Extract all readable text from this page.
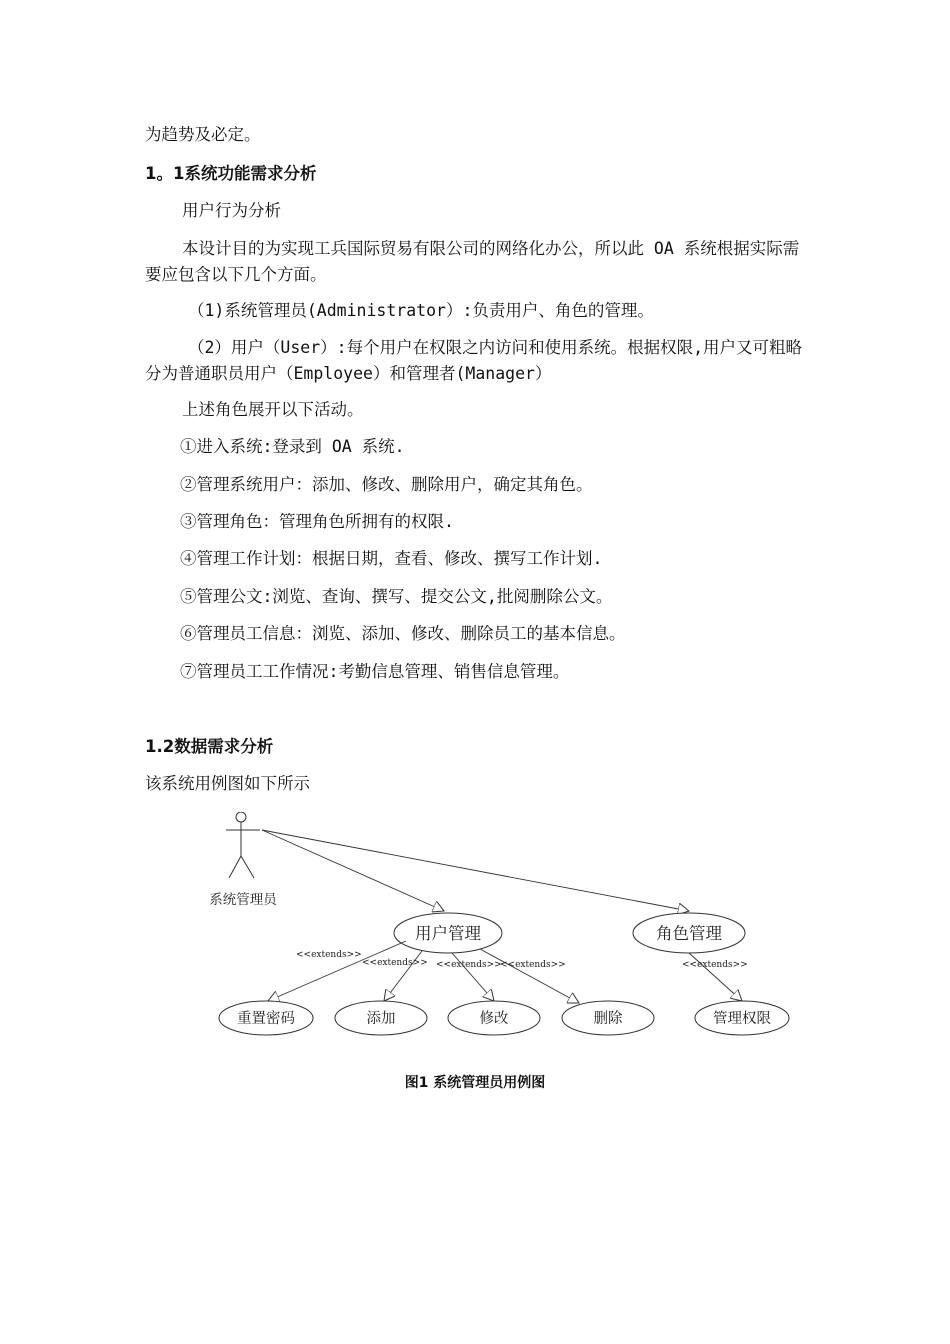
为趋势及必定。
1。1系统功能需求分析
用户行为分析
本设计目的为实现工兵国际贸易有限公司的网络化办公，所以此 OA 系统根据实际需要应包含以下几个方面。
（1)系统管理员(Administrator）:负责用户、角色的管理。
（2）用户（User）:每个用户在权限之内访问和使用系统。根据权限,用户又可粗略分为普通职员用户（Employee）和管理者(Manager）
上述角色展开以下活动。
①进入系统:登录到 OA 系统.
②管理系统用户：添加、修改、删除用户，确定其角色。
③管理角色：管理角色所拥有的权限.
④管理工作计划：根据日期，查看、修改、撰写工作计划.
⑤管理公文:浏览、查询、撰写、提交公文,批阅删除公文。
⑥管理员工信息：浏览、添加、修改、删除员工的基本信息。
⑦管理员工工作情况:考勤信息管理、销售信息管理。
1.2数据需求分析
该系统用例图如下所示
系统管理员
用户管理	角色管理
<<extends>>
<<extends>> <<extends>>
<<extends>>	<<extends>>
重置密码	添加	修改	删除	管理权限
图1 系统管理员用例图
